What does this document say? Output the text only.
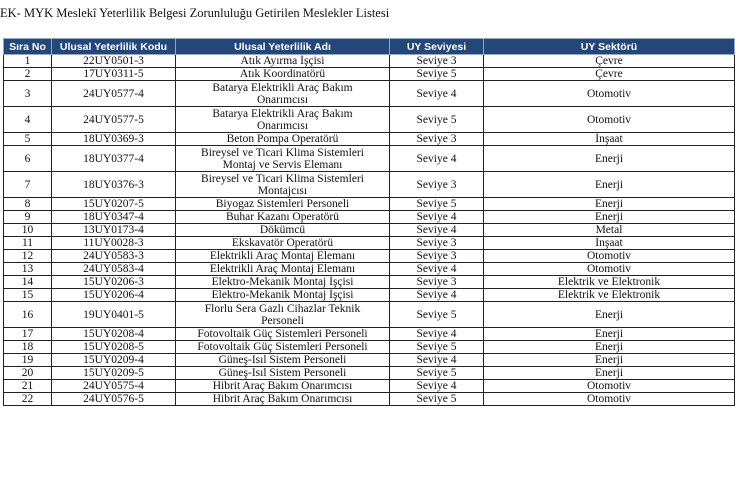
EK- MYK Meslekî Yeterlilik Belgesi Zorunluluğu Getirilen Meslekler Listesi
Sıra No	Ulusal Yeterlilik Kodu	Ulusal Yeterlilik Adı	UY Seviyesi	UY Sektörü
1	22UY0501-3	Atık Ayırma İşçisi	Seviye 3	Çevre
2	17UY0311-5	Atık Koordinatörü	Seviye 5	Çevre
3	24UY0577-4	Batarya Elektrikli Araç Bakım
Onarımcısı	Seviye 4	Otomotiv
4	24UY0577-5	Batarya Elektrikli Araç Bakım
Onarımcısı	Seviye 5	Otomotiv
5	18UY0369-3	Beton Pompa Operatörü	Seviye 3	İnşaat
6	18UY0377-4	Bireysel ve Ticari Klima Sistemleri
Montaj ve Servis Elemanı	Seviye 4	Enerji
7	18UY0376-3	Bireysel ve Ticari Klima Sistemleri
Montajcısı	Seviye 3	Enerji
8	15UY0207-5	Biyogaz Sistemleri Personeli	Seviye 5	Enerji
9	18UY0347-4	Buhar Kazanı Operatörü	Seviye 4	Enerji
10	13UY0173-4	Dökümcü	Seviye 4	Metal
11	11UY0028-3	Ekskavatör Operatörü	Seviye 3	İnşaat
12	24UY0583-3	Elektrikli Araç Montaj Elemanı	Seviye 3	Otomotiv
13	24UY0583-4	Elektrikli Araç Montaj Elemanı	Seviye 4	Otomotiv
14	15UY0206-3	Elektro-Mekanik Montaj İşçisi	Seviye 3	Elektrik ve Elektronik
15	15UY0206-4	Elektro-Mekanik Montaj İşçisi	Seviye 4	Elektrik ve Elektronik
16	19UY0401-5	Florlu Sera Gazlı Cihazlar Teknik
Personeli	Seviye 5	Enerji
17	15UY0208-4	Fotovoltaik Güç Sistemleri Personeli	Seviye 4	Enerji
18	15UY0208-5	Fotovoltaik Güç Sistemleri Personeli	Seviye 5	Enerji
19	15UY0209-4	Güneş-Isıl Sistem Personeli	Seviye 4	Enerji
20	15UY0209-5	Güneş-Isıl Sistem Personeli	Seviye 5	Enerji
21	24UY0575-4	Hibrit Araç Bakım Onarımcısı	Seviye 4	Otomotiv
22	24UY0576-5	Hibrit Araç Bakım Onarımcısı	Seviye 5	Otomotiv
